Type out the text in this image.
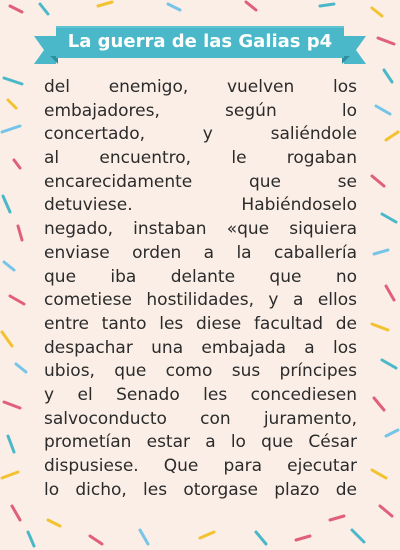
La guerra de las Galias p4
del enemigo, vuelven los
embajadores, según lo
concertado, y saliéndole
al encuentro, le rogaban
encarecidamente que se
detuviese. Habiéndoselo
negado, instaban «que siquiera
enviase orden a la caballería
que iba delante que no
cometiese hostilidades, y a ellos
entre tanto les diese facultad de
despachar una embajada a los
ubios, que como sus príncipes
y el Senado les concediesen
salvoconducto con juramento,
prometían estar a lo que César
dispusiese. Que para ejecutar
lo dicho, les otorgase plazo de
